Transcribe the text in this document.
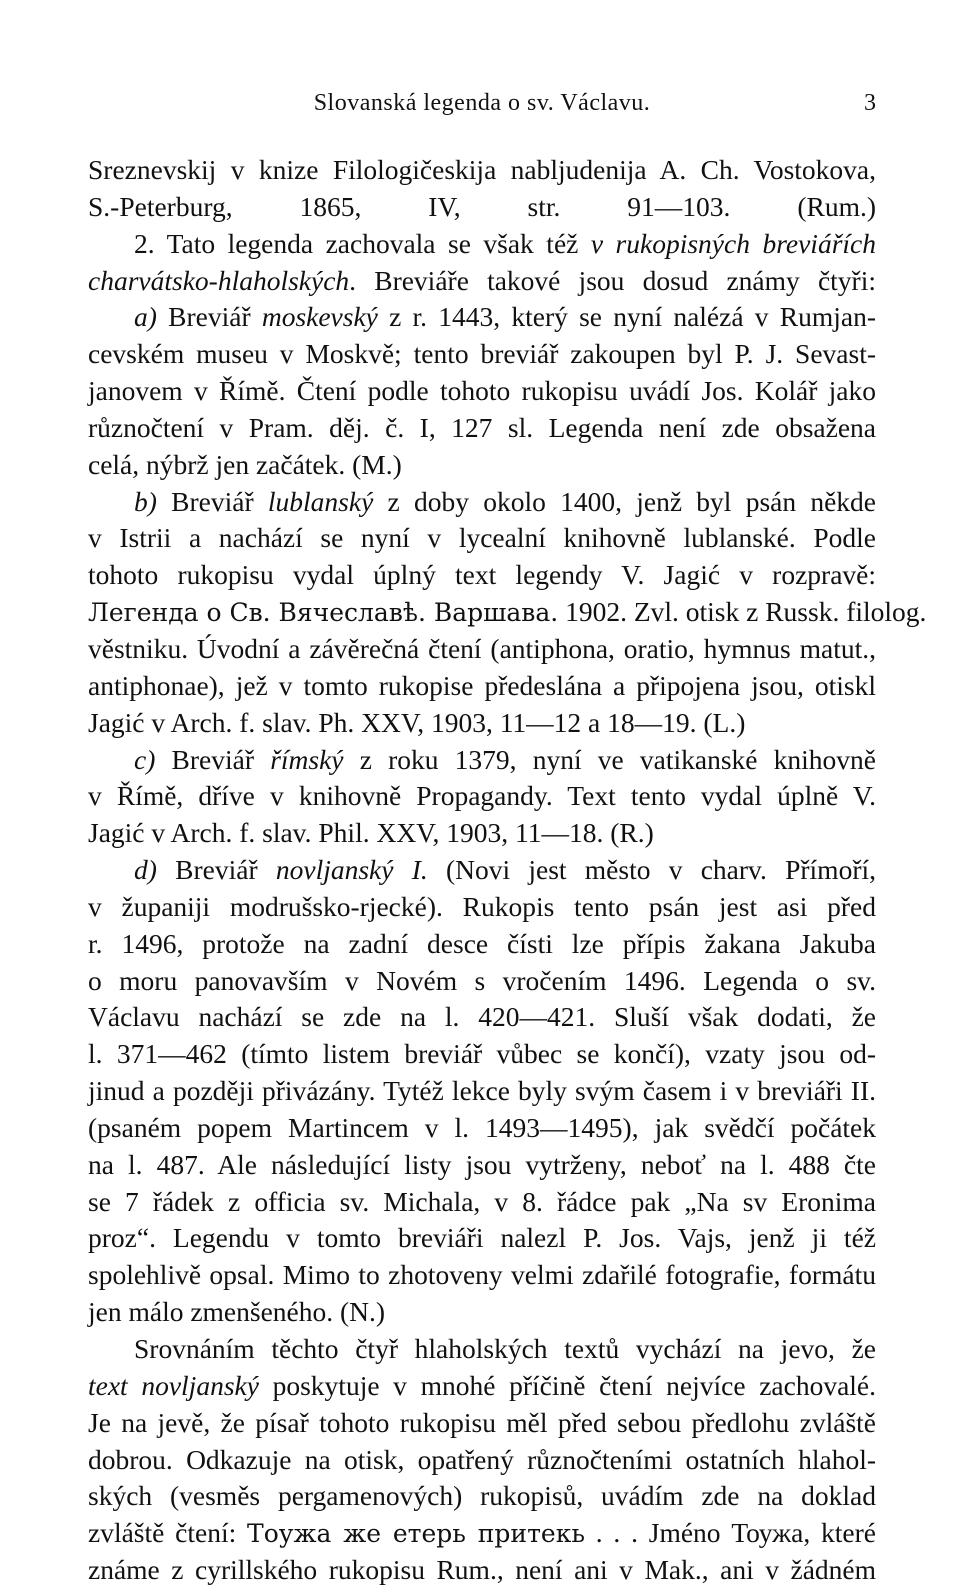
Slovanská legenda o sv. Václavu.	3
Sreznevskij v knize Filologičeskija nabljudenija A. Ch. Vostokova,
S.-Peterburg, 1865, IV, str. 91—103. (Rum.)
2. Tato legenda zachovala se však též v rukopisných breviářích
charvátsko-hlaholských. Breviáře takové jsou dosud známy čtyři:
a) Breviář moskevský z r. 1443, který se nyní nalézá v Rumjan-
cevském museu v Moskvě; tento breviář zakoupen byl P. J. Sevast-
janovem v Římě. Čtení podle tohoto rukopisu uvádí Jos. Kolář jako
různočtení v Pram. děj. č. I, 127 sl. Legenda není zde obsažena
celá, nýbrž jen začátek. (M.)
b) Breviář lublanský z doby okolo 1400, jenž byl psán někde
v Istrii a nachází se nyní v lycealní knihovně lublanské. Podle
tohoto rukopisu vydal úplný text legendy V. Jagić v rozpravě:
Легенда о Св. Вячеславѣ. Варшава. 1902. Zvl. otisk z Russk. filolog.
věstniku. Úvodní a závěrečná čtení (antiphona, oratio, hymnus matut.,
antiphonae), jež v tomto rukopise předeslána a připojena jsou, otiskl
Jagić v Arch. f. slav. Ph. XXV, 1903, 11—12 a 18—19. (L.)
c) Breviář římský z roku 1379, nyní ve vatikanské knihovně
v Římě, dříve v knihovně Propagandy. Text tento vydal úplně V.
Jagić v Arch. f. slav. Phil. XXV, 1903, 11—18. (R.)
d) Breviář novljanský I. (Novi jest město v charv. Přímoří,
v županiji modrušsko-rjecké). Rukopis tento psán jest asi před
r. 1496, protože na zadní desce čísti lze přípis žakana Jakuba
o moru panovavším v Novém s vročením 1496. Legenda o sv.
Václavu nachází se zde na l. 420—421. Sluší však dodati, že
l. 371—462 (tímto listem breviář vůbec se končí), vzaty jsou od-
jinud a později přivázány. Tytéž lekce byly svým časem i v breviáři II.
(psaném popem Martincem v l. 1493—1495), jak svědčí počátek
na l. 487. Ale následující listy jsou vytrženy, neboť na l. 488 čte
se 7 řádek z officia sv. Michala, v 8. řádce pak „Na sv Eronima
proz“. Legendu v tomto breviáři nalezl P. Jos. Vajs, jenž ji též
spolehlivě opsal. Mimo to zhotoveny velmi zdařilé fotografie, formátu
jen málo zmenšeného. (N.)
Srovnáním těchto čtyř hlaholských textů vychází na jevo, že
text novljanský poskytuje v mnohé příčině čtení nejvíce zachovalé.
Je na jevě, že písař tohoto rukopisu měl před sebou předlohu zvláště
dobrou. Odkazuje na otisk, opatřený různočteními ostatních hlahol-
ských (vesměs pergamenových) rukopisů, uvádím zde na doklad
zvláště čtení: Тоужа же етерь притекь . . . Jméno Тоужа, které
známe z cyrillského rukopisu Rum., není ani v Mak., ani v žádném
